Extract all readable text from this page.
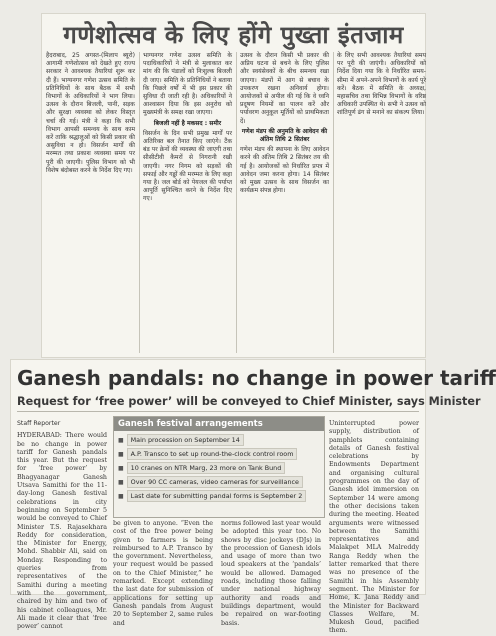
गणेशोत्सव के लिए होंगे पुख्ता इंतजाम

हैदराबाद, 25 अगस्त-(मिलाप ब्यूरो) आगामी गणेशोत्सव को देखते हुए राज्य सरकार ने आवश्यक तैयारियां शुरू कर दी हैं। भाग्यनगर गणेश उत्सव समिति के प्रतिनिधियों के साथ बैठक में सभी विभागों के अधिकारियों ने भाग लिया। उत्सव के दौरान बिजली, पानी, सड़क और सुरक्षा व्यवस्था को लेकर विस्तृत चर्चा की गई। मंत्री ने कहा कि सभी विभाग आपसी समन्वय के साथ काम करें ताकि श्रद्धालुओं को किसी प्रकार की असुविधा न हो। विसर्जन मार्गों की मरम्मत तथा प्रकाश व्यवस्था समय पर पूरी की जाएगी। पुलिस विभाग को भी विशेष बंदोबस्त करने के निर्देश दिए गए।

भाग्यनगर गणेश उत्सव समिति के पदाधिकारियों ने मंत्री से मुलाकात कर मांग की कि पंडालों को निःशुल्क बिजली दी जाए। समिति के प्रतिनिधियों ने बताया कि पिछले वर्षों में भी इस प्रकार की सुविधा दी जाती रही है। अधिकारियों ने आश्वासन दिया कि इस अनुरोध को मुख्यमंत्री के समक्ष रखा जाएगा।

बिजली नहीं है मकसद : समीर

विसर्जन के दिन सभी प्रमुख मार्गों पर अतिरिक्त बल तैनात किए जाएंगे। टैंक बंड पर क्रेनों की व्यवस्था की जाएगी तथा सीसीटीवी कैमरों से निगरानी रखी जाएगी। नगर निगम को सड़कों की सफाई और गड्ढों की मरम्मत के लिए कहा गया है। जल बोर्ड को पेयजल की पर्याप्त आपूर्ति सुनिश्चित करने के निर्देश दिए गए।

उत्सव के दौरान किसी भी प्रकार की अप्रिय घटना से बचने के लिए पुलिस और स्वयंसेवकों के बीच समन्वय रखा जाएगा। मंडपों में आग से बचाव के उपकरण रखना अनिवार्य होगा। आयोजकों से अपील की गई कि वे ध्वनि प्रदूषण नियमों का पालन करें और पर्यावरण अनुकूल मूर्तियों को प्राथमिकता दें।

गणेश मंडप की अनुमति के आवेदन की अंतिम तिथि 2 सितंबर

गणेश मंडप की स्थापना के लिए आवेदन करने की अंतिम तिथि 2 सितंबर तय की गई है। आयोजकों को निर्धारित प्रपत्र में आवेदन जमा करना होगा। 14 सितंबर को मुख्य उत्सव के साथ विसर्जन का कार्यक्रम संपन्न होगा।

के लिए सभी आवश्यक तैयारियां समय पर पूरी की जाएंगी। अधिकारियों को निर्देश दिया गया कि वे निर्धारित समय-सीमा में अपने-अपने विभागों के कार्य पूरे करें। बैठक में समिति के अध्यक्ष, महासचिव तथा विभिन्न विभागों के वरिष्ठ अधिकारी उपस्थित थे। सभी ने उत्सव को शांतिपूर्ण ढंग से मनाने का संकल्प लिया।

Ganesh pandals: no change in power tariff
Request for ‘free power’ will be conveyed to Chief Minister, says Minister

Staff Reporter

HYDERABAD: There would be no change in power tariff for Ganesh pandals this year. But the request for ‘free power’ by Bhagyanagar Ganesh Utsava Samithi for the 11-day-long Ganesh festival celebrations in city beginning on September 5 would be conveyed to Chief Minister T.S. Rajasekhara Reddy for consideration, the Minister for Energy, Mohd. Shabbir Ali, said on Monday. Responding to queries from representatives of the Samithi during a meeting with the government, chaired by him and two of his cabinet colleagues, Mr. Ali made it clear that ‘free power’ cannot

Ganesh festival arrangements
■	Main procession on September 14
■	A.P. Transco to set up round-the-clock control room
■	10 cranes on NTR Marg, 23 more on Tank Bund
■	Over 90 CC cameras, video cameras for surveillance
■	Last date for submitting pandal forms is September 2

be given to anyone. “Even the cost of the free power being given to farmers is being reimbursed to A.P. Transco by the government. Nevertheless, your request would be passed on to the Chief Minister,” he remarked. Except extending the last date for submission of applications for setting up Ganesh pandals from August 20 to September 2, same rules and

norms followed last year would be adopted this year too. No shows by disc jockeys (DJs) in the procession of Ganesh idols and usage of more than two loud speakers at the ‘pandals’ would be allowed. Damaged roads, including those falling under national highway authority and roads and buildings department, would be repaired on war-footing basis.

Uninterrupted power supply, distribution of pamphlets containing details of Ganesh festival celebrations by Endowments Department and organising cultural programmes on the day of Ganesh idol immersion on September 14 were among the other decisions taken during the meeting. Heated arguments were witnessed between the Samithi representatives and Malakpet MLA Malreddy Ranga Reddy when the latter remarked that there was no presence of the Samithi in his Assembly segment. The Minister for Home, K. Jana Reddy and the Minister for Backward Classes Welfare, M. Mukesh Goud, pacified them.
